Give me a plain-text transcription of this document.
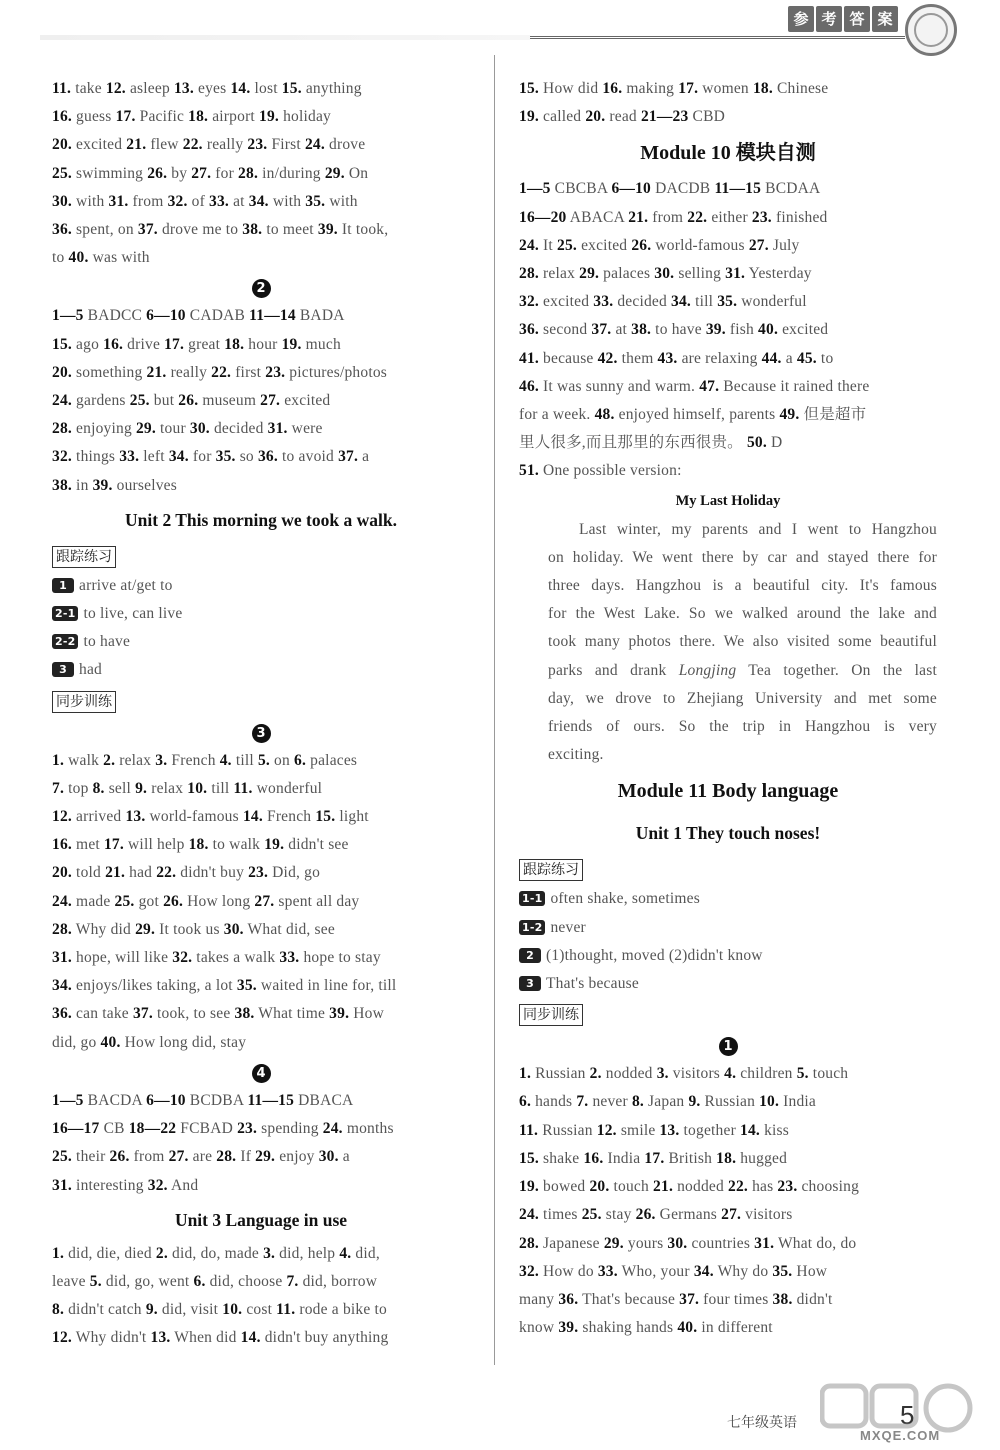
参 考 答 案
11. take 12. asleep 13. eyes 14. lost 15. anything
16. guess 17. Pacific 18. airport 19. holiday
20. excited 21. flew 22. really 23. First 24. drove
25. swimming 26. by 27. for 28. in/during 29. On
30. with 31. from 32. of 33. at 34. with 35. with
36. spent, on 37. drove me to 38. to meet 39. It took,
to 40. was with
2
1—5 BADCC 6—10 CADAB 11—14 BADA
15. ago 16. drive 17. great 18. hour 19. much
20. something 21. really 22. first 23. pictures/photos
24. gardens 25. but 26. museum 27. excited
28. enjoying 29. tour 30. decided 31. were
32. things 33. left 34. for 35. so 36. to avoid 37. a
38. in 39. ourselves
Unit 2 This morning we took a walk.
跟踪练习
1 arrive at/get to
2-1 to live, can live
2-2 to have
3 had
同步训练
3
1. walk 2. relax 3. French 4. till 5. on 6. palaces
7. top 8. sell 9. relax 10. till 11. wonderful
12. arrived 13. world-famous 14. French 15. light
16. met 17. will help 18. to walk 19. didn't see
20. told 21. had 22. didn't buy 23. Did, go
24. made 25. got 26. How long 27. spent all day
28. Why did 29. It took us 30. What did, see
31. hope, will like 32. takes a walk 33. hope to stay
34. enjoys/likes taking, a lot 35. waited in line for, till
36. can take 37. took, to see 38. What time 39. How
did, go 40. How long did, stay
4
1—5 BACDA 6—10 BCDBA 11—15 DBACA
16—17 CB 18—22 FCBAD 23. spending 24. months
25. their 26. from 27. are 28. If 29. enjoy 30. a
31. interesting 32. And
Unit 3 Language in use
1. did, die, died 2. did, do, made 3. did, help 4. did,
leave 5. did, go, went 6. did, choose 7. did, borrow
8. didn't catch 9. did, visit 10. cost 11. rode a bike to
12. Why didn't 13. When did 14. didn't buy anything
15. How did 16. making 17. women 18. Chinese
19. called 20. read 21—23 CBD
Module 10 模块自测
1—5 CBCBA 6—10 DACDB 11—15 BCDAA
16—20 ABACA 21. from 22. either 23. finished
24. It 25. excited 26. world-famous 27. July
28. relax 29. palaces 30. selling 31. Yesterday
32. excited 33. decided 34. till 35. wonderful
36. second 37. at 38. to have 39. fish 40. excited
41. because 42. them 43. are relaxing 44. a 45. to
46. It was sunny and warm. 47. Because it rained there
for a week. 48. enjoyed himself, parents 49. 但是超市
里人很多,而且那里的东西很贵。 50. D
51. One possible version:
My Last Holiday
Last winter, my parents and I went to Hangzhou
on holiday. We went there by car and stayed there for
three days. Hangzhou is a beautiful city. It's famous
for the West Lake. So we walked around the lake and
took many photos there. We also visited some beautiful
parks and drank Longjing Tea together. On the last
day, we drove to Zhejiang University and met some
friends of ours. So the trip in Hangzhou is very
exciting.
Module 11 Body language
Unit 1 They touch noses!
跟踪练习
1-1 often shake, sometimes
1-2 never
2 (1)thought, moved (2)didn't know
3 That's because
同步训练
1
1. Russian 2. nodded 3. visitors 4. children 5. touch
6. hands 7. never 8. Japan 9. Russian 10. India
11. Russian 12. smile 13. together 14. kiss
15. shake 16. India 17. British 18. hugged
19. bowed 20. touch 21. nodded 22. has 23. choosing
24. times 25. stay 26. Germans 27. visitors
28. Japanese 29. yours 30. countries 31. What do, do
32. How do 33. Who, your 34. Why do 35. How
many 36. That's because 37. four times 38. didn't
know 39. shaking hands 40. in different
七年级英语	5
MXQE.COM
